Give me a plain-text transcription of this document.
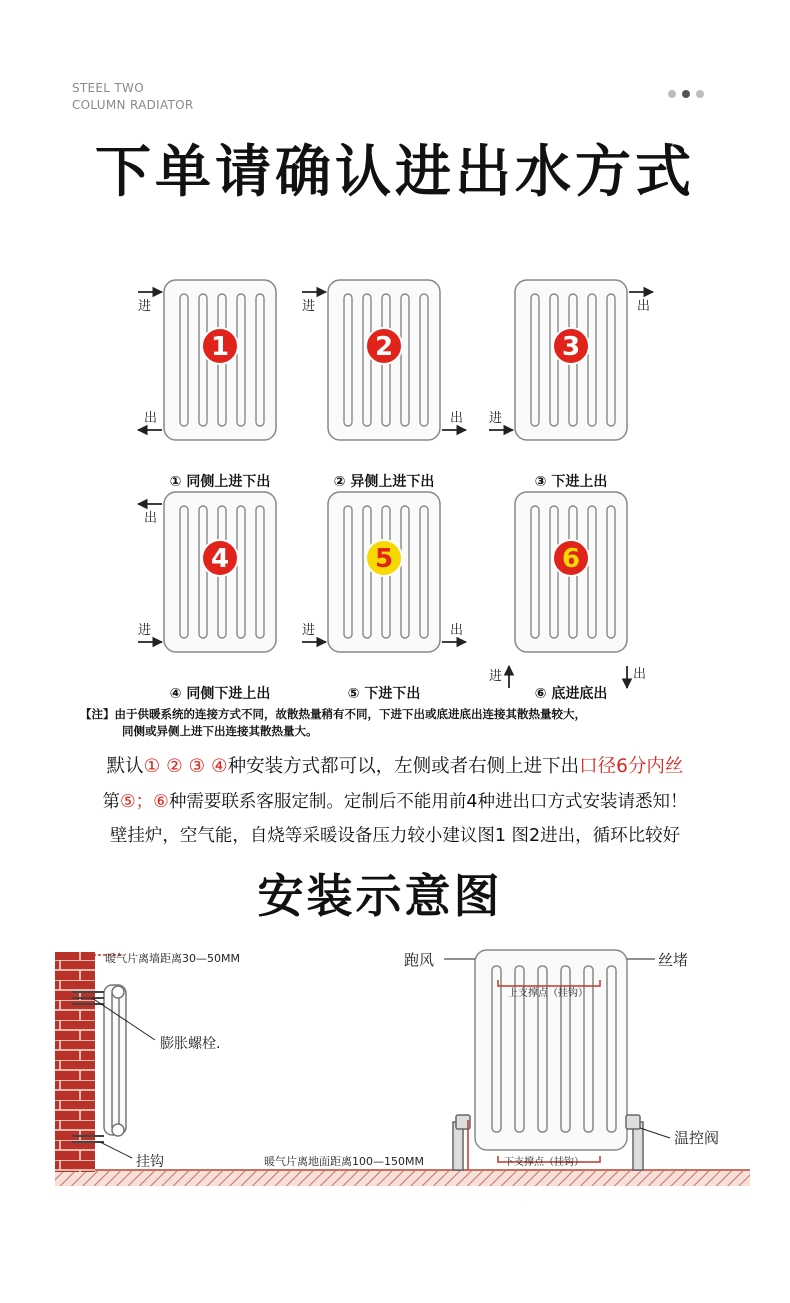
STEEL TWO
COLUMN RADIATOR
下单请确认进出水方式
进
出
1
① 同侧上进下出
进
出
2
② 异侧上进下出
进
出
3
③ 下进上出
进
出
4
④ 同侧下进上出
进	出
5
⑤ 下进下出
进	出
6
⑥ 底进底出
【注】由于供暖系统的连接方式不同，故散热量稍有不同，下进下出或底进底出连接其散热量较大，
同侧或异侧上进下出连接其散热量大。
默认① ② ③ ④种安装方式都可以，左侧或者右侧上进下出口径6分内丝
第⑤；⑥种需要联系客服定制。定制后不能用前4种进出口方式安装请悉知！
壁挂炉，空气能，自烧等采暖设备压力较小建议图1 图2进出，循环比较好
安装示意图
暖气片离墙距离30—50MM
膨胀螺栓.
挂钩	暖气片离地面距离100—150MM
跑风	丝堵
上支撑点（挂钩）
下支撑点（挂钩）
温控阀
